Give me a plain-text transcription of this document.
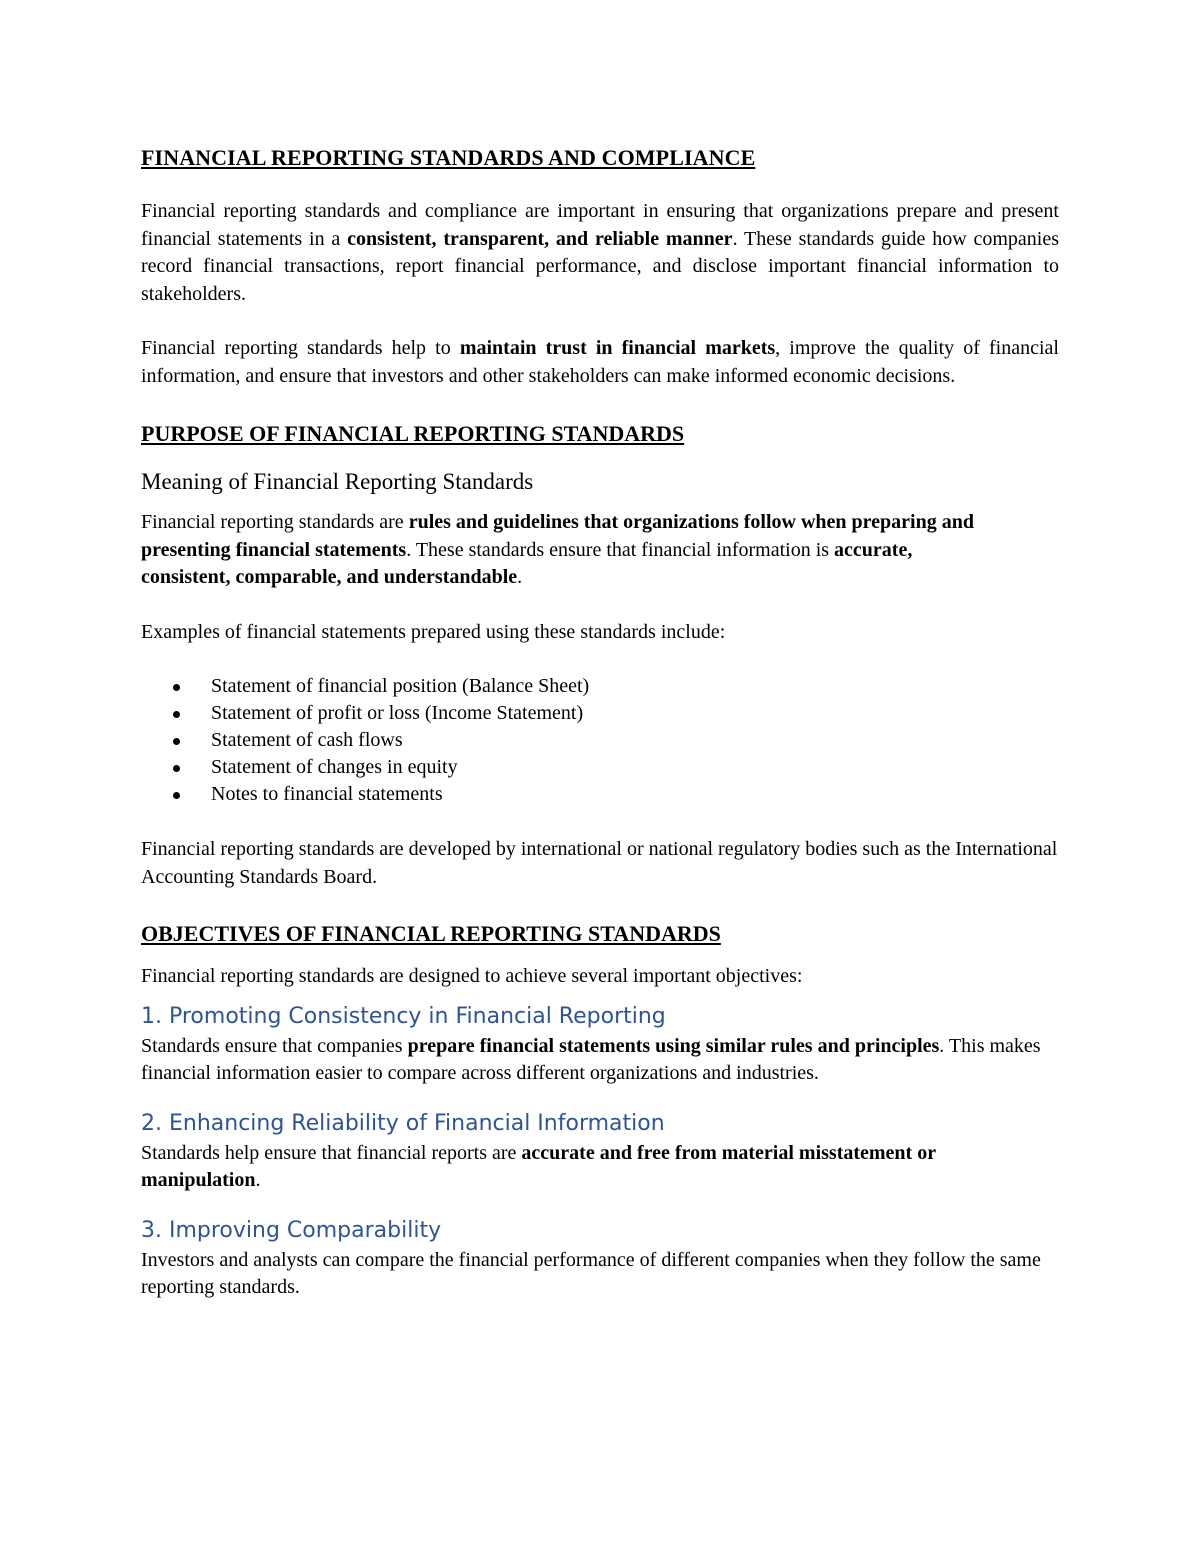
FINANCIAL REPORTING STANDARDS AND COMPLIANCE

Financial reporting standards and compliance are important in ensuring that organizations prepare and present financial statements in a consistent, transparent, and reliable manner. These standards guide how companies record financial transactions, report financial performance, and disclose important financial information to stakeholders.

Financial reporting standards help to maintain trust in financial markets, improve the quality of financial information, and ensure that investors and other stakeholders can make informed economic decisions.

PURPOSE OF FINANCIAL REPORTING STANDARDS
Meaning of Financial Reporting Standards

Financial reporting standards are rules and guidelines that organizations follow when preparing and presenting financial statements. These standards ensure that financial information is accurate, consistent, comparable, and understandable.

Examples of financial statements prepared using these standards include:

Statement of financial position (Balance Sheet)
Statement of profit or loss (Income Statement)
Statement of cash flows
Statement of changes in equity
Notes to financial statements

Financial reporting standards are developed by international or national regulatory bodies such as the International Accounting Standards Board.

OBJECTIVES OF FINANCIAL REPORTING STANDARDS

Financial reporting standards are designed to achieve several important objectives:

1. Promoting Consistency in Financial Reporting

Standards ensure that companies prepare financial statements using similar rules and principles. This makes financial information easier to compare across different organizations and industries.

2. Enhancing Reliability of Financial Information

Standards help ensure that financial reports are accurate and free from material misstatement or manipulation.

3. Improving Comparability

Investors and analysts can compare the financial performance of different companies when they follow the same reporting standards.
